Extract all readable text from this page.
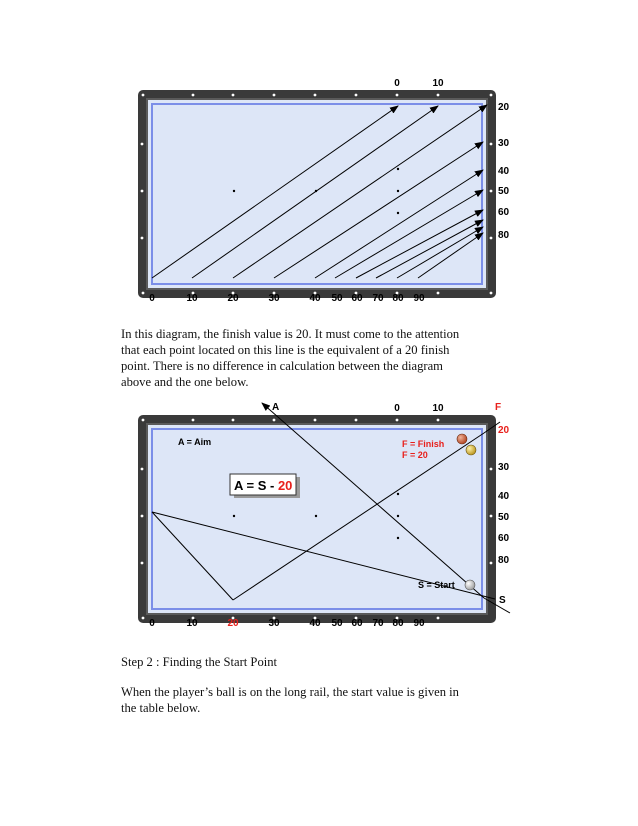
0	10
20
30
40
50
60
80
0	10	20	30	40 50 60 70 80 90

In this diagram, the finish value is 20. It must come to the attention that each point located on this line is the equivalent of a 20 finish point. There is no difference in calculation between the diagram above and the one below.

A = S - 20
A = Aim	F = Finish
F = 20
S = Start
A	0	10	F
S
20
30
40
50
60
80
0	10	20	30	40 50 60 70 80 90

Step 2 : Finding the Start Point

When the player’s ball is on the long rail, the start value is given in the table below.
